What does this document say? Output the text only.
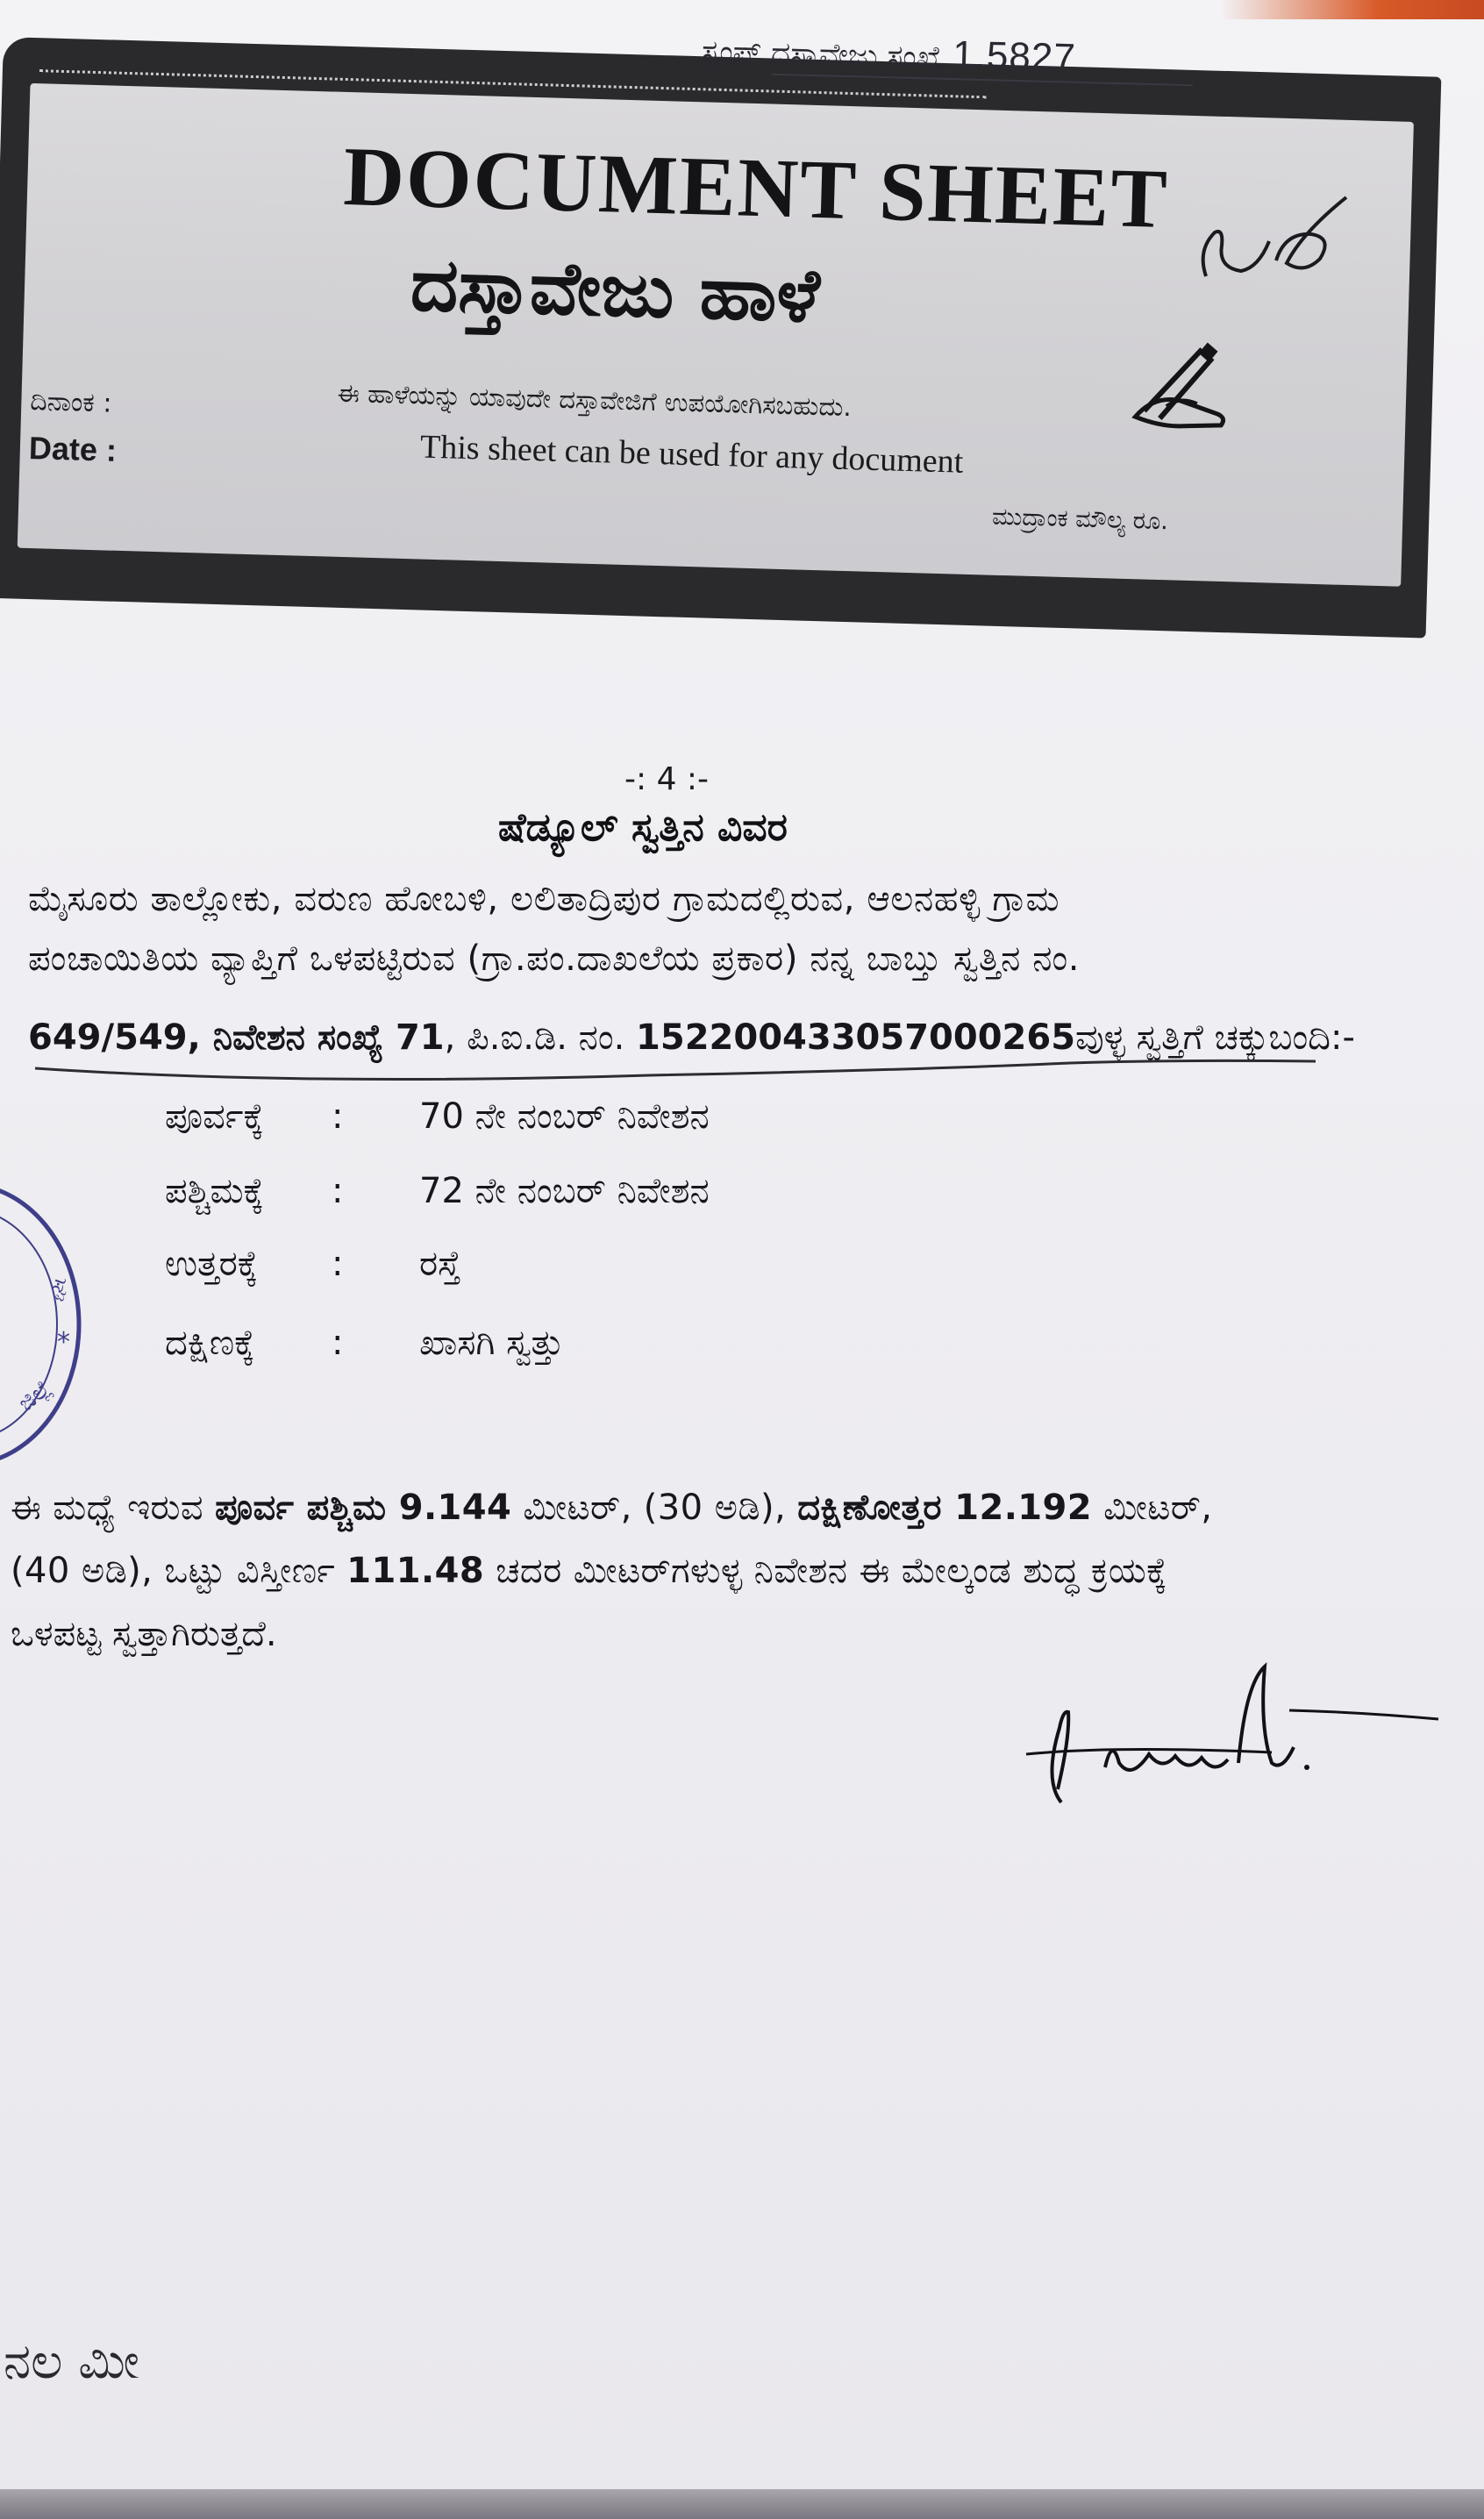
DOCUMENT SHEET
ದಸ್ತಾವೇಜು ಹಾಳೆ
ದಿನಾಂಕ :
Date :
ಈ ಹಾಳೆಯನ್ನು ಯಾವುದೇ ದಸ್ತಾವೇಜಿಗೆ ಉಪಯೋಗಿಸಬಹುದು.
This sheet can be used for any document
ಮುದ್ರಾಂಕ ಮೌಲ್ಯ ರೂ.
ಸ್ಟಂಪ್ ದಸ್ತಾವೇಜು ಸಂಖ್ಯೆ 1.5827
-: 4 :-
ಷೆಡ್ಯೂಲ್ ಸ್ವತ್ತಿನ ವಿವರ
ಮೈಸೂರು ತಾಲ್ಲೋಕು, ವರುಣ ಹೋಬಳಿ, ಲಲಿತಾದ್ರಿಪುರ ಗ್ರಾಮದಲ್ಲಿರುವ, ಆಲನಹಳ್ಳಿ ಗ್ರಾಮ
ಪಂಚಾಯಿತಿಯ ವ್ಯಾಪ್ತಿಗೆ ಒಳಪಟ್ಟಿರುವ (ಗ್ರಾ.ಪಂ.ದಾಖಲೆಯ ಪ್ರಕಾರ) ನನ್ನ ಬಾಬ್ತು ಸ್ವತ್ತಿನ ನಂ.
649/549, ನಿವೇಶನ ಸಂಖ್ಯೆ 71, ಪಿ.ಐ.ಡಿ. ನಂ. 152200433057000265ವುಳ್ಳ ಸ್ವತ್ತಿಗೆ ಚಕ್ಕುಬಂದಿ:-
ಪೂರ್ವಕ್ಕೆ : 70 ನೇ ನಂಬರ್ ನಿವೇಶನ
ಪಶ್ಚಿಮಕ್ಕೆ : 72 ನೇ ನಂಬರ್ ನಿವೇಶನ
ಉತ್ತರಕ್ಕೆ : ರಸ್ತೆ
ದಕ್ಷಿಣಕ್ಕೆ : ಖಾಸಗಿ ಸ್ವತ್ತು
ಈ ಮಧ್ಯೆ ಇರುವ ಪೂರ್ವ ಪಶ್ಚಿಮ 9.144 ಮೀಟರ್, (30 ಅಡಿ), ದಕ್ಷಿಣೋತ್ತರ 12.192 ಮೀಟರ್,
(40 ಅಡಿ), ಒಟ್ಟು ವಿಸ್ತೀರ್ಣ 111.48 ಚದರ ಮೀಟರ್‌ಗಳುಳ್ಳ ನಿವೇಶನ ಈ ಮೇಲ್ಕಂಡ ಶುದ್ಧ ಕ್ರಯಕ್ಕೆ
ಒಳಪಟ್ಟ ಸ್ವತ್ತಾಗಿರುತ್ತದೆ.
ಸ್ವ
*
ಜಿಲ್ಲೆ
ನಲ ಮೀ
